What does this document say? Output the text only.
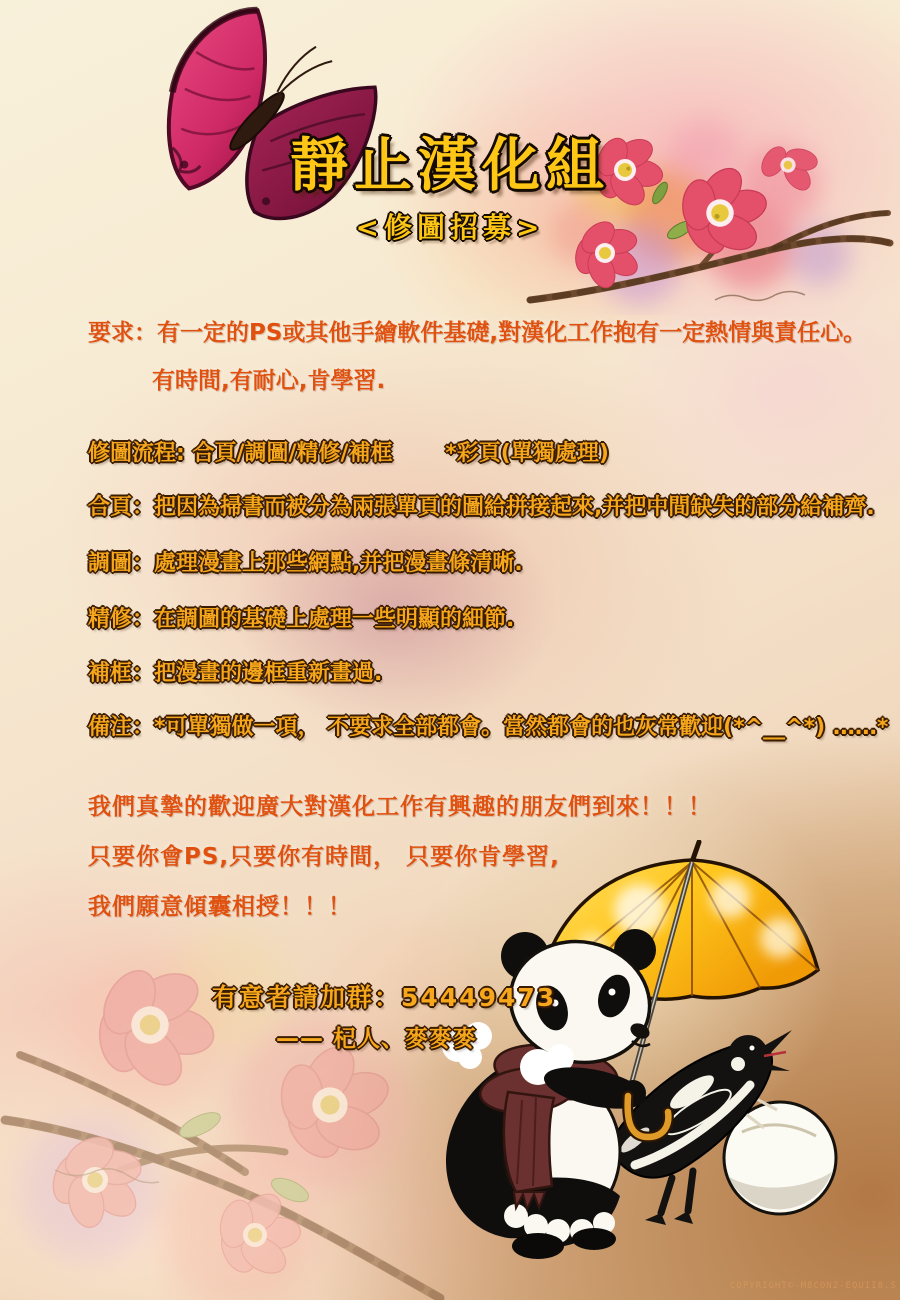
靜止漢化組
<修圖招募>
要求：有一定的PS或其他手繪軟件基礎,對漢化工作抱有一定熱情與責任心。
有時間,有耐心,肯學習.
修圖流程: 合頁/調圖/精修/補框 *彩頁(單獨處理)
合頁：把因為掃書而被分為兩張單頁的圖給拼接起來,并把中間缺失的部分給補齊.
調圖：處理漫畫上那些網點,并把漫畫條清晰.
精修：在調圖的基礎上處理一些明顯的細節.
補框：把漫畫的邊框重新畫過.
備注：*可單獨做一項， 不要求全部都會。當然都會的也灰常歡迎(*^__^*) ……*
我們真摯的歡迎廣大對漢化工作有興趣的朋友們到來！！！
只要你會PS,只要你有時間， 只要你肯學習,
我們願意傾囊相授！！！
有意者請加群：54449473
—— 杞人、麥麥麥
COPYRIGHT©-M8CON2-EQUII8.S
